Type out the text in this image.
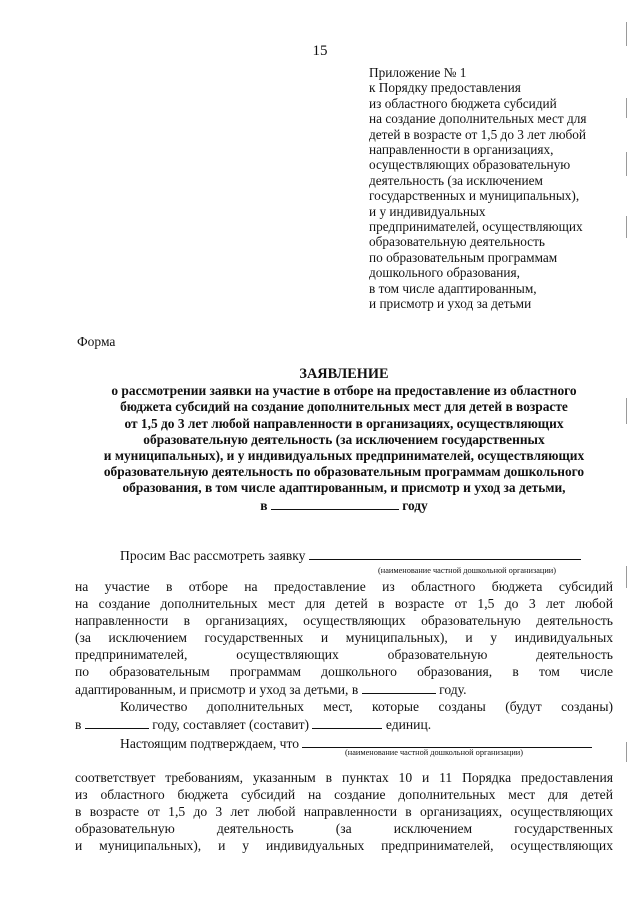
15
Приложение № 1
к Порядку предоставления
из областного бюджета субсидий
на создание дополнительных мест для
детей в возрасте от 1,5 до 3 лет любой
направленности в организациях,
осуществляющих образовательную
деятельность (за исключением
государственных и муниципальных),
и у индивидуальных
предпринимателей, осуществляющих
образовательную деятельность
по образовательным программам
дошкольного образования,
в том числе адаптированным,
и присмотр и уход за детьми
Форма
ЗАЯВЛЕНИЕ
о рассмотрении заявки на участие в отборе на предоставление из областного
бюджета субсидий на создание дополнительных мест для детей в возрасте
от 1,5 до 3 лет любой направленности в организациях, осуществляющих
образовательную деятельность (за исключением государственных
и муниципальных), и у индивидуальных предпринимателей, осуществляющих
образовательную деятельность по образовательным программам дошкольного
образования, в том числе адаптированным, и присмотр и уход за детьми,
в	году
Просим Вас рассмотреть заявку
(наименование частной дошкольной организации)
на участие в отборе на предоставление из областного бюджета субсидий
на создание дополнительных мест для детей в возрасте от 1,5 до 3 лет любой
направленности в организациях, осуществляющих образовательную деятельность
(за исключением государственных и муниципальных), и у индивидуальных
предпринимателей, осуществляющих образовательную деятельность
по образовательным программам дошкольного образования, в том числе
адаптированным, и присмотр и уход за детьми, в	году.
Количество дополнительных мест, которые созданы (будут созданы)
в	году, составляет (составит)	единиц.
Настоящим подтверждаем, что
(наименование частной дошкольной организации)
соответствует требованиям, указанным в пунктах 10 и 11 Порядка предоставления
из областного бюджета субсидий на создание дополнительных мест для детей
в возрасте от 1,5 до 3 лет любой направленности в организациях, осуществляющих
образовательную деятельность (за исключением государственных
и муниципальных), и у индивидуальных предпринимателей, осуществляющих
